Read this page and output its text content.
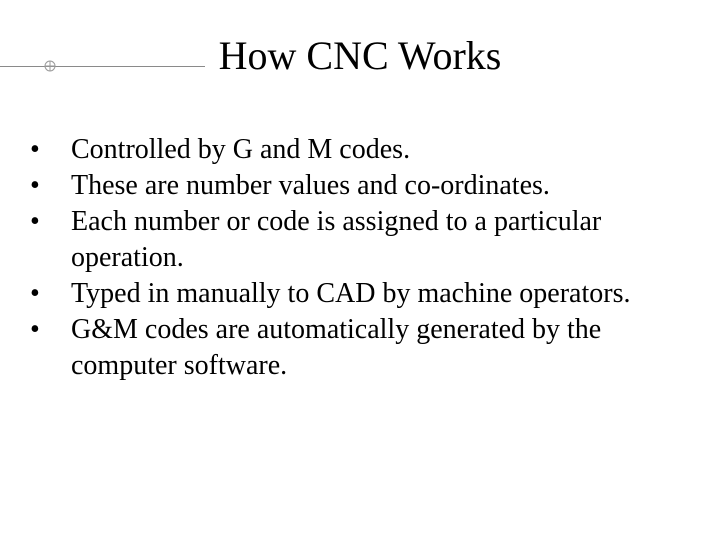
How CNC Works
•	Controlled by G and M codes.
•	These are number values and co-ordinates.
•	Each number or code is assigned to a particular operation.
•	Typed in manually to CAD by machine operators.
•	G&M codes are automatically generated by the computer software.
